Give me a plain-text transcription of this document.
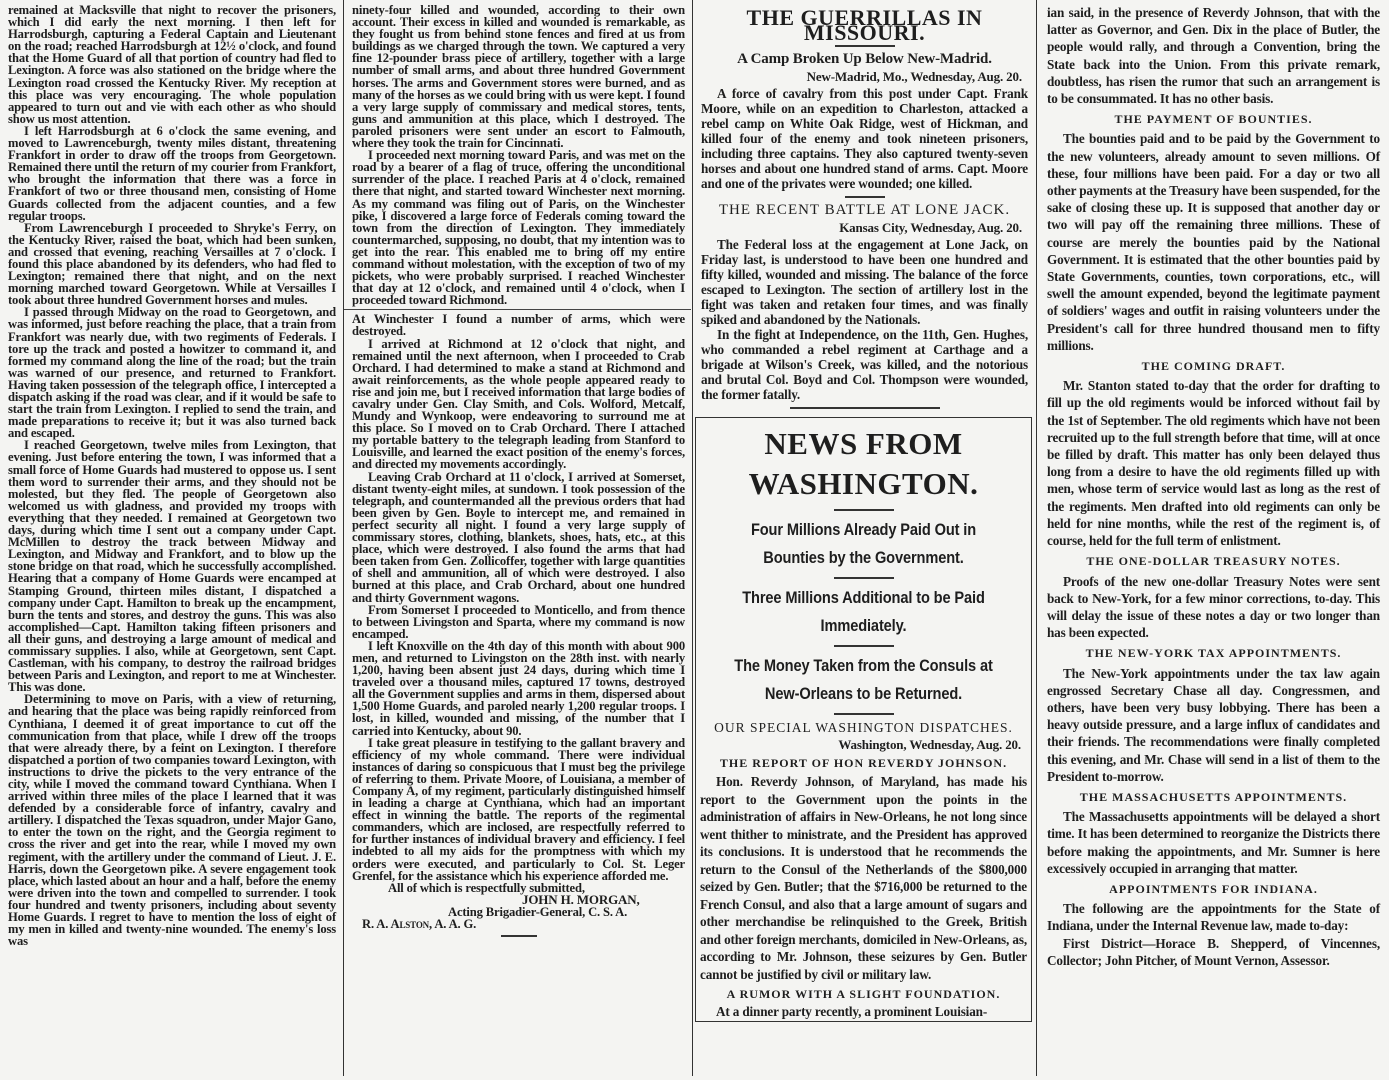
remained at Macksville that night to recover the prisoners, which I did early the next morning. I then left for Harrodsburgh, capturing a Federal Captain and Lieutenant on the road; reached Harrodsburgh at 12½ o'clock, and found that the Home Guard of all that portion of country had fled to Lexington. A force was also stationed on the bridge where the Lexington road crossed the Kentucky River. My reception at this place was very encouraging. The whole population appeared to turn out and vie with each other as who should show us most attention.

I left Harrodsburgh at 6 o'clock the same evening, and moved to Lawrenceburgh, twenty miles distant, threatening Frankfort in order to draw off the troops from Georgetown. Remained there until the return of my courier from Frankfort, who brought the information that there was a force in Frankfort of two or three thousand men, consisting of Home Guards collected from the adjacent counties, and a few regular troops.

From Lawrenceburgh I proceeded to Shryke's Ferry, on the Kentucky River, raised the boat, which had been sunken, and crossed that evening, reaching Versailles at 7 o'clock. I found this place abandoned by its defenders, who had fled to Lexington; remained there that night, and on the next morning marched toward Georgetown. While at Versailles I took about three hundred Government horses and mules.

I passed through Midway on the road to Georgetown, and was informed, just before reaching the place, that a train from Frankfort was nearly due, with two regiments of Federals. I tore up the track and posted a howitzer to command it, and formed my command along the line of the road; but the train was warned of our presence, and returned to Frankfort. Having taken possession of the telegraph office, I intercepted a dispatch asking if the road was clear, and if it would be safe to start the train from Lexington. I replied to send the train, and made preparations to receive it; but it was also turned back and escaped.

I reached Georgetown, twelve miles from Lexington, that evening. Just before entering the town, I was informed that a small force of Home Guards had mustered to oppose us. I sent them word to surrender their arms, and they should not be molested, but they fled. The people of Georgetown also welcomed us with gladness, and provided my troops with everything that they needed. I remained at Georgetown two days, during which time I sent out a company under Capt. McMillen to destroy the track between Midway and Lexington, and Midway and Frankfort, and to blow up the stone bridge on that road, which he successfully accomplished. Hearing that a company of Home Guards were encamped at Stamping Ground, thirteen miles distant, I dispatched a company under Capt. Hamilton to break up the encampment, burn the tents and stores, and destroy the guns. This was also accomplished—Capt. Hamilton taking fifteen prisoners and all their guns, and destroying a large amount of medical and commissary supplies. I also, while at Georgetown, sent Capt. Castleman, with his company, to destroy the railroad bridges between Paris and Lexington, and report to me at Winchester. This was done.

Determining to move on Paris, with a view of returning, and hearing that the place was being rapidly reinforced from Cynthiana, I deemed it of great importance to cut off the communication from that place, while I drew off the troops that were already there, by a feint on Lexington. I therefore dispatched a portion of two companies toward Lexington, with instructions to drive the pickets to the very entrance of the city, while I moved the command toward Cynthiana. When I arrived within three miles of the place I learned that it was defended by a considerable force of infantry, cavalry and artillery. I dispatched the Texas squadron, under Major Gano, to enter the town on the right, and the Georgia regiment to cross the river and get into the rear, while I moved my own regiment, with the artillery under the command of Lieut. J. E. Harris, down the Georgetown pike. A severe engagement took place, which lasted about an hour and a half, before the enemy were driven into the town and compelled to surrender. I took four hundred and twenty prisoners, including about seventy Home Guards. I regret to have to mention the loss of eight of my men in killed and twenty-nine wounded. The enemy's loss was

ninety-four killed and wounded, according to their own account. Their excess in killed and wounded is remarkable, as they fought us from behind stone fences and fired at us from buildings as we charged through the town. We captured a very fine 12-pounder brass piece of artillery, together with a large number of small arms, and about three hundred Government horses. The arms and Government stores were burned, and as many of the horses as we could bring with us were kept. I found a very large supply of commissary and medical stores, tents, guns and ammunition at this place, which I destroyed. The paroled prisoners were sent under an escort to Falmouth, where they took the train for Cincinnati.

I proceeded next morning toward Paris, and was met on the road by a bearer of a flag of truce, offering the unconditional surrender of the place. I reached Paris at 4 o'clock, remained there that night, and started toward Winchester next morning. As my command was filing out of Paris, on the Winchester pike, I discovered a large force of Federals coming toward the town from the direction of Lexington. They immediately countermarched, supposing, no doubt, that my intention was to get into the rear. This enabled me to bring off my entire command without molestation, with the exception of two of my pickets, who were probably surprised. I reached Winchester that day at 12 o'clock, and remained until 4 o'clock, when I proceeded toward Richmond.

At Winchester I found a number of arms, which were destroyed.

I arrived at Richmond at 12 o'clock that night, and remained until the next afternoon, when I proceeded to Crab Orchard. I had determined to make a stand at Richmond and await reinforcements, as the whole people appeared ready to rise and join me, but I received information that large bodies of cavalry under Gen. Clay Smith, and Cols. Wolford, Metcalf, Mundy and Wynkoop, were endeavoring to surround me at this place. So I moved on to Crab Orchard. There I attached my portable battery to the telegraph leading from Stanford to Louisville, and learned the exact position of the enemy's forces, and directed my movements accordingly.

Leaving Crab Orchard at 11 o'clock, I arrived at Somerset, distant twenty-eight miles, at sundown. I took possession of the telegraph, and countermanded all the previous orders that had been given by Gen. Boyle to intercept me, and remained in perfect security all night. I found a very large supply of commissary stores, clothing, blankets, shoes, hats, etc., at this place, which were destroyed. I also found the arms that had been taken from Gen. Zollicoffer, together with large quantities of shell and ammunition, all of which were destroyed. I also burned at this place, and Crab Orchard, about one hundred and thirty Government wagons.

From Somerset I proceeded to Monticello, and from thence to between Livingston and Sparta, where my command is now encamped.

I left Knoxville on the 4th day of this month with about 900 men, and returned to Livingston on the 28th inst. with nearly 1,200, having been absent just 24 days, during which time I traveled over a thousand miles, captured 17 towns, destroyed all the Government supplies and arms in them, dispersed about 1,500 Home Guards, and paroled nearly 1,200 regular troops. I lost, in killed, wounded and missing, of the number that I carried into Kentucky, about 90.

I take great pleasure in testifying to the gallant bravery and efficiency of my whole command. There were individual instances of daring so conspicuous that I must beg the privilege of referring to them. Private Moore, of Louisiana, a member of Company A, of my regiment, particularly distinguished himself in leading a charge at Cynthiana, which had an important effect in winning the battle. The reports of the regimental commanders, which are inclosed, are respectfully referred to for further instances of individual bravery and efficiency. I feel indebted to all my aids for the promptness with which my orders were executed, and particularly to Col. St. Leger Grenfel, for the assistance which his experience afforded me.

All of which is respectfully submitted,
JOHN H. MORGAN,
Acting Brigadier-General, C. S. A.
R. A. Alston, A. A. G.
THE GUERRILLAS IN MISSOURI.
A Camp Broken Up Below New-Madrid.
New-Madrid, Mo., Wednesday, Aug. 20.

A force of cavalry from this post under Capt. Frank Moore, while on an expedition to Charleston, attacked a rebel camp on White Oak Ridge, west of Hickman, and killed four of the enemy and took nineteen prisoners, including three captains. They also captured twenty-seven horses and about one hundred stand of arms. Capt. Moore and one of the privates were wounded; one killed.

THE RECENT BATTLE AT LONE JACK.
Kansas City, Wednesday, Aug. 20.

The Federal loss at the engagement at Lone Jack, on Friday last, is understood to have been one hundred and fifty killed, wounded and missing. The balance of the force escaped to Lexington. The section of artillery lost in the fight was taken and retaken four times, and was finally spiked and abandoned by the Nationals.

In the fight at Independence, on the 11th, Gen. Hughes, who commanded a rebel regiment at Carthage and a brigade at Wilson's Creek, was killed, and the notorious and brutal Col. Boyd and Col. Thompson were wounded, the former fatally.

NEWS FROM WASHINGTON.
Four Millions Already Paid Out in Bounties by the Government.
Three Millions Additional to be Paid Immediately.
The Money Taken from the Consuls at New-Orleans to be Returned.
OUR SPECIAL WASHINGTON DISPATCHES.
Washington, Wednesday, Aug. 20.
THE REPORT OF HON REVERDY JOHNSON.

Hon. Reverdy Johnson, of Maryland, has made his report to the Government upon the points in the administration of affairs in New-Orleans, he not long since went thither to ministrate, and the President has approved its conclusions. It is understood that he recommends the return to the Consul of the Netherlands of the $800,000 seized by Gen. Butler; that the $716,000 be returned to the French Consul, and also that a large amount of sugars and other merchandise be relinquished to the Greek, British and other foreign merchants, domiciled in New-Orleans, as, according to Mr. Johnson, these seizures by Gen. Butler cannot be justified by civil or military law.

A RUMOR WITH A SLIGHT FOUNDATION.

At a dinner party recently, a prominent Louisian-

ian said, in the presence of Reverdy Johnson, that with the latter as Governor, and Gen. Dix in the place of Butler, the people would rally, and through a Convention, bring the State back into the Union. From this private remark, doubtless, has risen the rumor that such an arrangement is to be consummated. It has no other basis.

THE PAYMENT OF BOUNTIES.

The bounties paid and to be paid by the Government to the new volunteers, already amount to seven millions. Of these, four millions have been paid. For a day or two all other payments at the Treasury have been suspended, for the sake of closing these up. It is supposed that another day or two will pay off the remaining three millions. These of course are merely the bounties paid by the National Government. It is estimated that the other bounties paid by State Governments, counties, town corporations, etc., will swell the amount expended, beyond the legitimate payment of soldiers' wages and outfit in raising volunteers under the President's call for three hundred thousand men to fifty millions.

THE COMING DRAFT.

Mr. Stanton stated to-day that the order for drafting to fill up the old regiments would be inforced without fail by the 1st of September. The old regiments which have not been recruited up to the full strength before that time, will at once be filled by draft. This matter has only been delayed thus long from a desire to have the old regiments filled up with men, whose term of service would last as long as the rest of the regiments. Men drafted into old regiments can only be held for nine months, while the rest of the regiment is, of course, held for the full term of enlistment.

THE ONE-DOLLAR TREASURY NOTES.

Proofs of the new one-dollar Treasury Notes were sent back to New-York, for a few minor corrections, to-day. This will delay the issue of these notes a day or two longer than has been expected.

THE NEW-YORK TAX APPOINTMENTS.

The New-York appointments under the tax law again engrossed Secretary Chase all day. Congressmen, and others, have been very busy lobbying. There has been a heavy outside pressure, and a large influx of candidates and their friends. The recommendations were finally completed this evening, and Mr. Chase will send in a list of them to the President to-morrow.

THE MASSACHUSETTS APPOINTMENTS.

The Massachusetts appointments will be delayed a short time. It has been determined to reorganize the Districts there before making the appointments, and Mr. Sumner is here excessively occupied in arranging that matter.

APPOINTMENTS FOR INDIANA.

The following are the appointments for the State of Indiana, under the Internal Revenue law, made to-day:

First District—Horace B. Shepperd, of Vincennes, Collector; John Pitcher, of Mount Vernon, Assessor.
